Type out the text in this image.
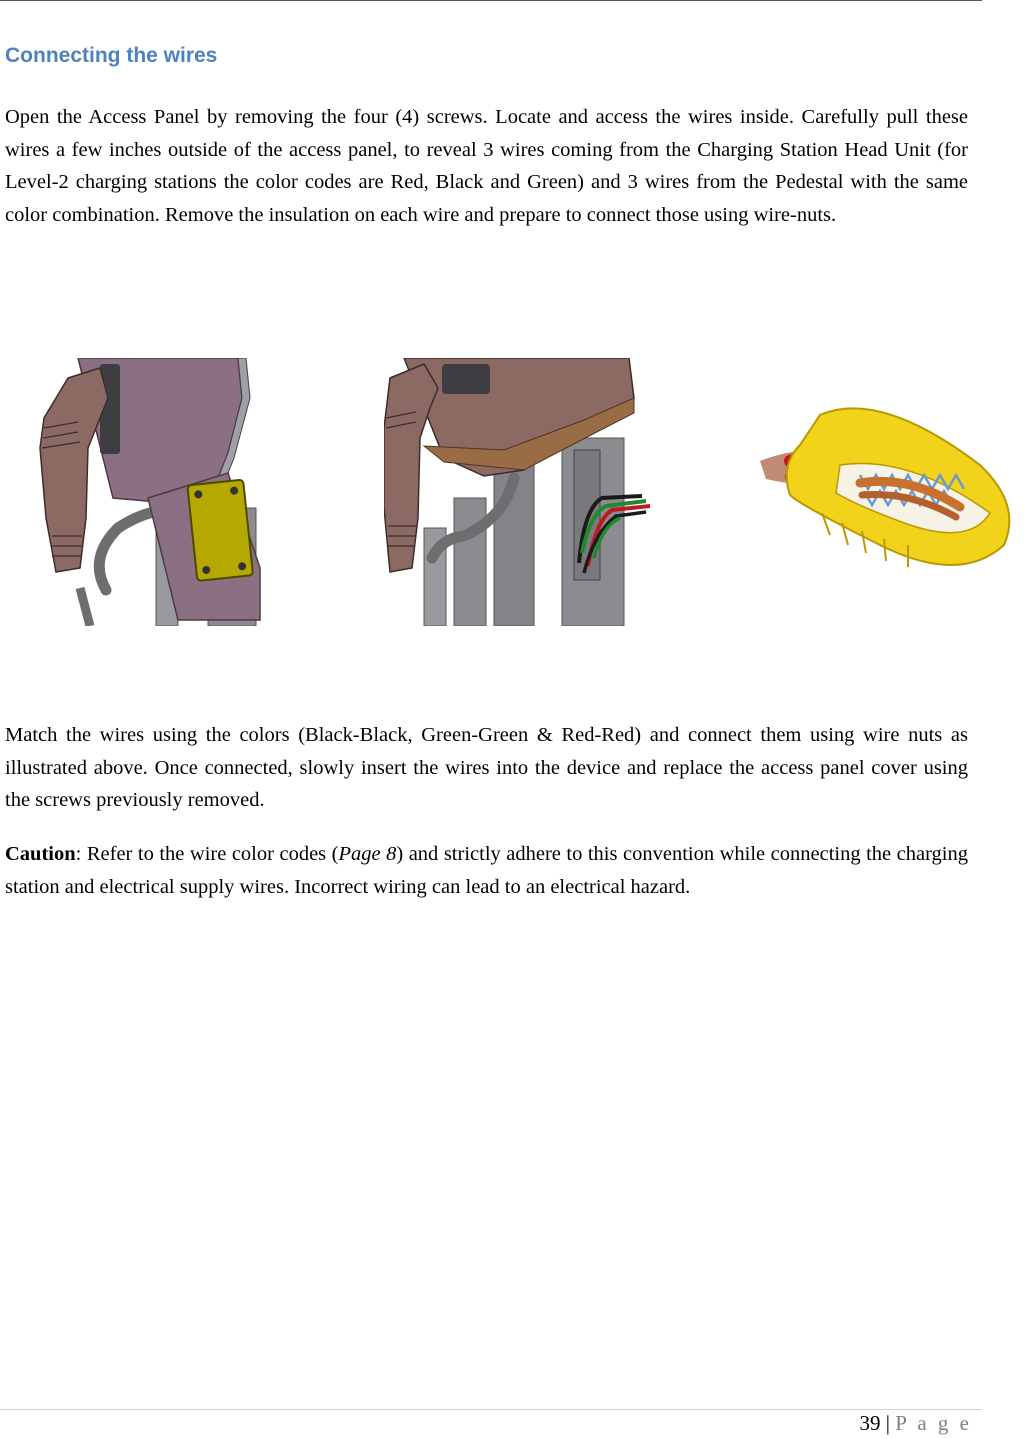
Connecting the wires

Open the Access Panel by removing the four (4) screws. Locate and access the wires inside. Carefully pull these wires a few inches outside of the access panel, to reveal 3 wires coming from the Charging Station Head Unit (for Level-2 charging stations the color codes are Red, Black and Green) and 3 wires from the Pedestal with the same color combination. Remove the insulation on each wire and prepare to connect those using wire-nuts.

Match the wires using the colors (Black-Black, Green-Green & Red-Red) and connect them using wire nuts as illustrated above. Once connected, slowly insert the wires into the device and replace the access panel cover using the screws previously removed.

Caution: Refer to the wire color codes (Page 8) and strictly adhere to this convention while connecting the charging station and electrical supply wires. Incorrect wiring can lead to an electrical hazard.

39 | P a g e
